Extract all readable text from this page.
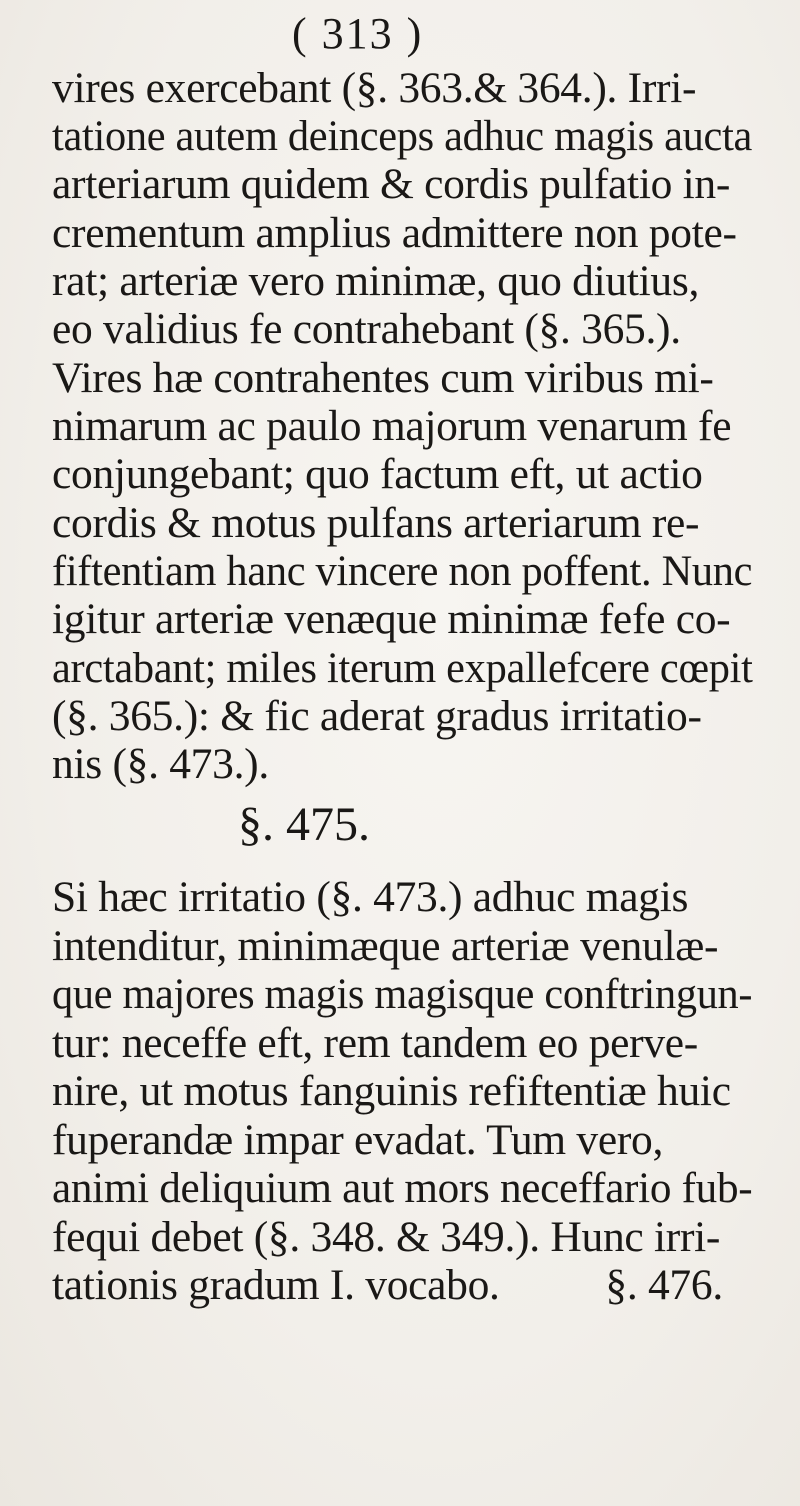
( 313 )
vires exercebant (§. 363.& 364.). Irri-
tatione autem deinceps adhuc magis aucta
arteriarum quidem & cordis pulfatio in-
crementum amplius admittere non pote-
rat; arteriæ vero minimæ, quo diutius,
eo validius fe contrahebant (§. 365.).
Vires hæ contrahentes cum viribus mi-
nimarum ac paulo majorum venarum fe
conjungebant; quo factum eft, ut actio
cordis & motus pulfans arteriarum re-
fiftentiam hanc vincere non poffent. Nunc
igitur arteriæ venæque minimæ fefe co-
arctabant; miles iterum expallefcere cœpit
(§. 365.): & fic aderat gradus irritatio-
nis (§. 473.).
§. 475.
Si hæc irritatio (§. 473.) adhuc magis
intenditur, minimæque arteriæ venulæ-
que majores magis magisque conftringun-
tur: neceffe eft, rem tandem eo perve-
nire, ut motus fanguinis refiftentiæ huic
fuperandæ impar evadat. Tum vero,
animi deliquium aut mors neceffario fub-
fequi debet (§. 348. & 349.). Hunc irri-
tationis gradum I. vocabo.          §. 476.
